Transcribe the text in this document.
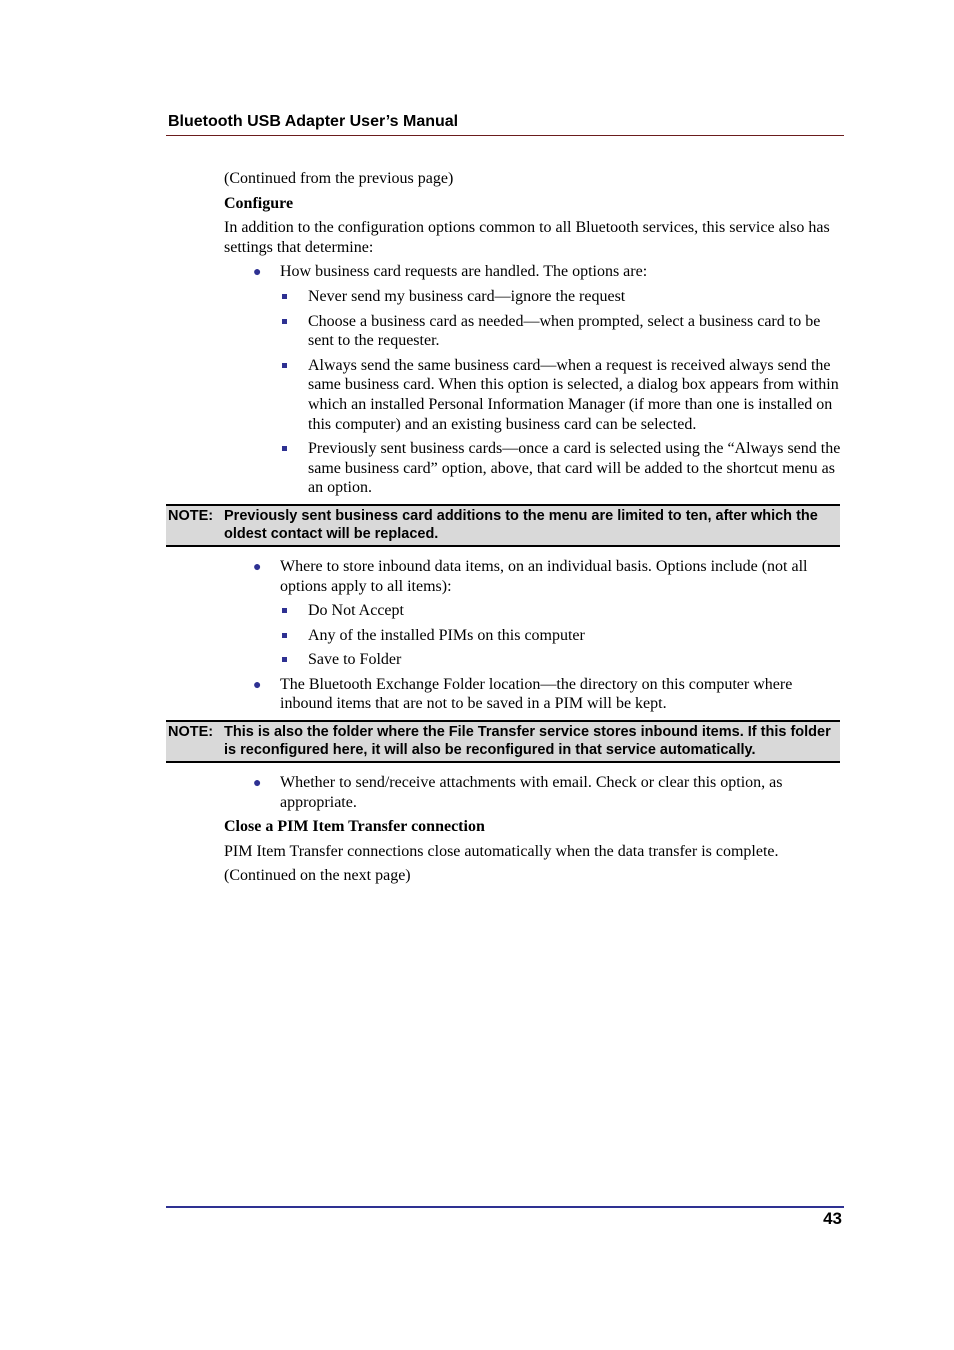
Bluetooth USB Adapter User’s Manual

(Continued from the previous page)

Configure

In addition to the configuration options common to all Bluetooth services, this service also has settings that determine:

● How business card requests are handled. The options are:
Never send my business card—ignore the request
Choose a business card as needed—when prompted, select a business card to be sent to the requester.
Always send the same business card—when a request is received always send the same business card. When this option is selected, a dialog box appears from within which an installed Personal Information Manager (if more than one is installed on this computer) and an existing business card can be selected.
Previously sent business cards—once a card is selected using the “Always send the same business card” option, above, that card will be added to the shortcut menu as an option.
NOTE: Previously sent business card additions to the menu are limited to ten, after which the oldest contact will be replaced.
● Where to store inbound data items, on an individual basis. Options include (not all options apply to all items):
Do Not Accept
Any of the installed PIMs on this computer
Save to Folder
● The Bluetooth Exchange Folder location—the directory on this computer where inbound items that are not to be saved in a PIM will be kept.
NOTE: This is also the folder where the File Transfer service stores inbound items. If this folder is reconfigured here, it will also be reconfigured in that service automatically.
● Whether to send/receive attachments with email. Check or clear this option, as appropriate.

Close a PIM Item Transfer connection

PIM Item Transfer connections close automatically when the data transfer is complete.

(Continued on the next page)

43
